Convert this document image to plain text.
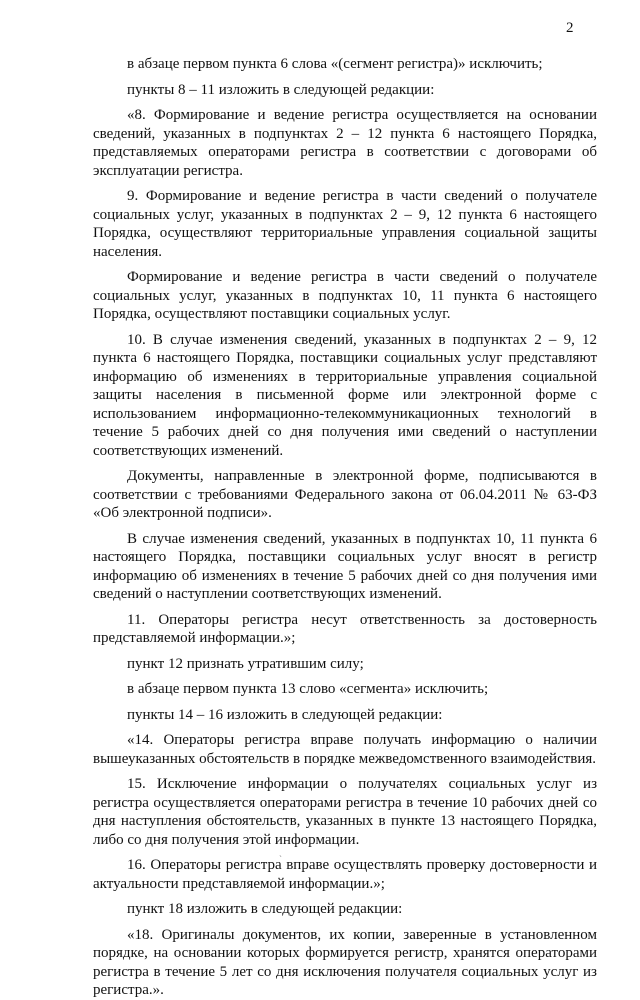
2

в абзаце первом пункта 6 слова «(сегмент регистра)» исключить;

пункты 8 – 11 изложить в следующей редакции:

«8. Формирование и ведение регистра осуществляется на основании сведений, указанных в подпунктах 2 – 12 пункта 6 настоящего Порядка, представляемых операторами регистра в соответствии с договорами об эксплуатации регистра.

9. Формирование и ведение регистра в части сведений о получателе социальных услуг, указанных в подпунктах 2 – 9, 12 пункта 6 настоящего Порядка, осуществляют территориальные управления социальной защиты населения.

Формирование и ведение регистра в части сведений о получателе социальных услуг, указанных в подпунктах 10, 11 пункта 6 настоящего Порядка, осуществляют поставщики социальных услуг.

10. В случае изменения сведений, указанных в подпунктах 2 – 9, 12 пункта 6 настоящего Порядка, поставщики социальных услуг представляют информацию об изменениях в территориальные управления социальной защиты населения в письменной форме или электронной форме с использованием информационно-телекоммуникационных технологий в течение 5 рабочих дней со дня получения ими сведений о наступлении соответствующих изменений.

Документы, направленные в электронной форме, подписываются в соответствии с требованиями Федерального закона от 06.04.2011 № 63-ФЗ «Об электронной подписи».

В случае изменения сведений, указанных в подпунктах 10, 11 пункта 6 настоящего Порядка, поставщики социальных услуг вносят в регистр информацию об изменениях в течение 5 рабочих дней со дня получения ими сведений о наступлении соответствующих изменений.

11. Операторы регистра несут ответственность за достоверность представляемой информации.»;

пункт 12 признать утратившим силу;

в абзаце первом пункта 13 слово «сегмента» исключить;

пункты 14 – 16 изложить в следующей редакции:

«14. Операторы регистра вправе получать информацию о наличии вышеуказанных обстоятельств в порядке межведомственного взаимодействия.

15. Исключение информации о получателях социальных услуг из регистра осуществляется операторами регистра в течение 10 рабочих дней со дня наступления обстоятельств, указанных в пункте 13 настоящего Порядка, либо со дня получения этой информации.

16. Операторы регистра вправе осуществлять проверку достоверности и актуальности представляемой информации.»;

пункт 18 изложить в следующей редакции:

«18. Оригиналы документов, их копии, заверенные в установленном порядке, на основании которых формируется регистр, хранятся операторами регистра в течение 5 лет со дня исключения получателя социальных услуг из регистра.».

ˏ
